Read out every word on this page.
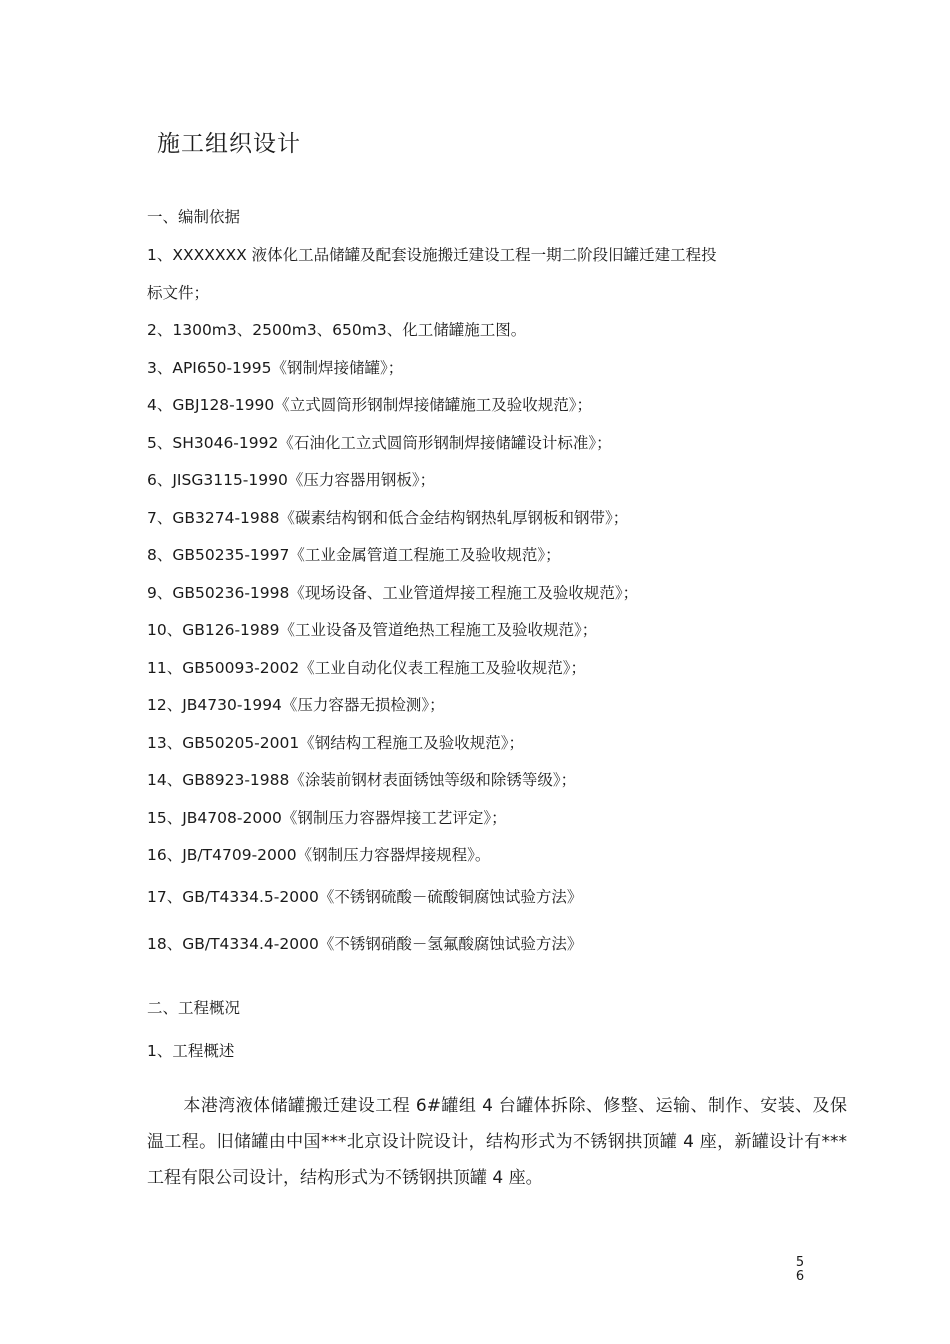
施工组织设计
一、编制依据
1、XXXXXXX 液体化工品储罐及配套设施搬迁建设工程一期二阶段旧罐迁建工程投
标文件；
2、1300m3、2500m3、650m3、化工储罐施工图。
3、API650-1995《钢制焊接储罐》；
4、GBJ128-1990《立式圆筒形钢制焊接储罐施工及验收规范》；
5、SH3046-1992《石油化工立式圆筒形钢制焊接储罐设计标准》；
6、JISG3115-1990《压力容器用钢板》；
7、GB3274-1988《碳素结构钢和低合金结构钢热轧厚钢板和钢带》；
8、GB50235-1997《工业金属管道工程施工及验收规范》；
9、GB50236-1998《现场设备、工业管道焊接工程施工及验收规范》；
10、GB126-1989《工业设备及管道绝热工程施工及验收规范》；
11、GB50093-2002《工业自动化仪表工程施工及验收规范》；
12、JB4730-1994《压力容器无损检测》；
13、GB50205-2001《钢结构工程施工及验收规范》；
14、GB8923-1988《涂装前钢材表面锈蚀等级和除锈等级》；
15、JB4708-2000《钢制压力容器焊接工艺评定》；
16、JB/T4709-2000《钢制压力容器焊接规程》。
17、GB/T4334.5-2000《不锈钢硫酸－硫酸铜腐蚀试验方法》
18、GB/T4334.4-2000《不锈钢硝酸－氢氟酸腐蚀试验方法》
二、工程概况
1、工程概述
本港湾液体储罐搬迁建设工程 6#罐组 4 台罐体拆除、修整、运输、制作、安装、及保温工程。旧储罐由中国***北京设计院设计，结构形式为不锈钢拱顶罐 4 座，新罐设计有***工程有限公司设计，结构形式为不锈钢拱顶罐 4 座。
56
